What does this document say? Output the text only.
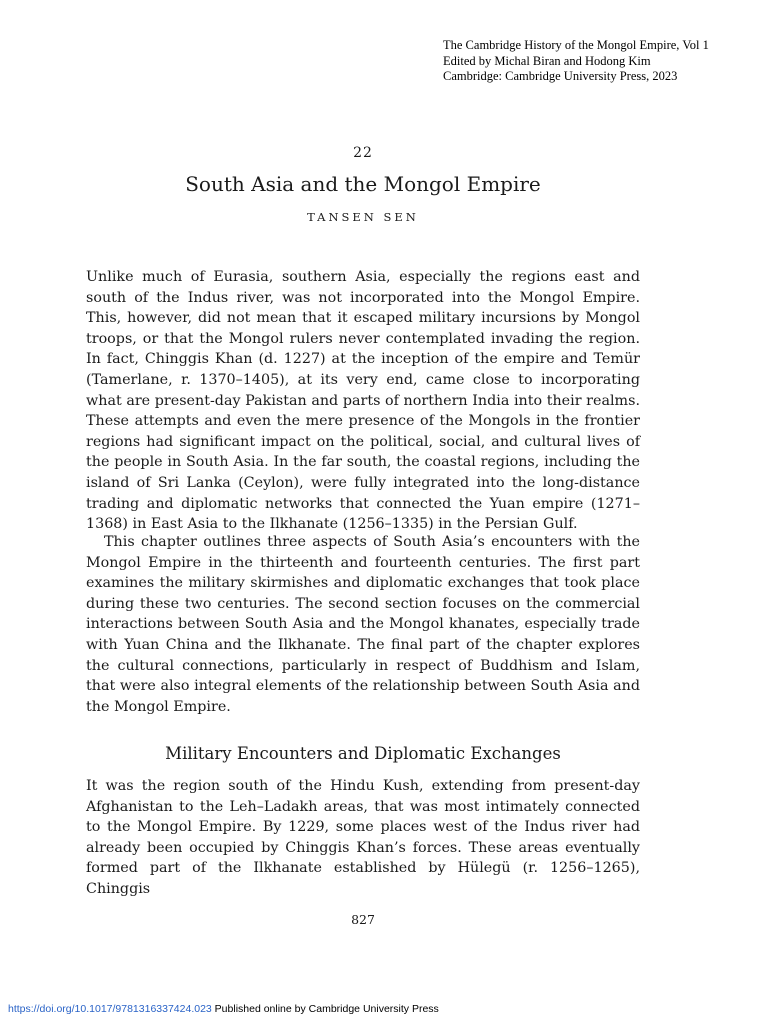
The Cambridge History of the Mongol Empire, Vol 1
Edited by Michal Biran and Hodong Kim
Cambridge: Cambridge University Press, 2023
22
South Asia and the Mongol Empire
TANSEN SEN

Unlike much of Eurasia, southern Asia, especially the regions east and south of the Indus river, was not incorporated into the Mongol Empire. This, however, did not mean that it escaped military incursions by Mongol troops, or that the Mongol rulers never contemplated invading the region. In fact, Chinggis Khan (d. 1227) at the inception of the empire and Temür (Tamerlane, r. 1370–1405), at its very end, came close to incorporating what are present-day Pakistan and parts of northern India into their realms. These attempts and even the mere presence of the Mongols in the frontier regions had significant impact on the political, social, and cultural lives of the people in South Asia. In the far south, the coastal regions, including the island of Sri Lanka (Ceylon), were fully integrated into the long-distance trading and diplomatic networks that connected the Yuan empire (1271–1368) in East Asia to the Ilkhanate (1256–1335) in the Persian Gulf.

This chapter outlines three aspects of South Asia’s encounters with the Mongol Empire in the thirteenth and fourteenth centuries. The first part examines the military skirmishes and diplomatic exchanges that took place during these two centuries. The second section focuses on the commercial interactions between South Asia and the Mongol khanates, especially trade with Yuan China and the Ilkhanate. The final part of the chapter explores the cultural connections, particularly in respect of Buddhism and Islam, that were also integral elements of the relationship between South Asia and the Mongol Empire.

Military Encounters and Diplomatic Exchanges

It was the region south of the Hindu Kush, extending from present-day Afghanistan to the Leh–Ladakh areas, that was most intimately connected to the Mongol Empire. By 1229, some places west of the Indus river had already been occupied by Chinggis Khan’s forces. These areas eventually formed part of the Ilkhanate established by Hülegü (r. 1256–1265), Chinggis

827
https://doi.org/10.1017/9781316337424.023 Published online by Cambridge University Press
